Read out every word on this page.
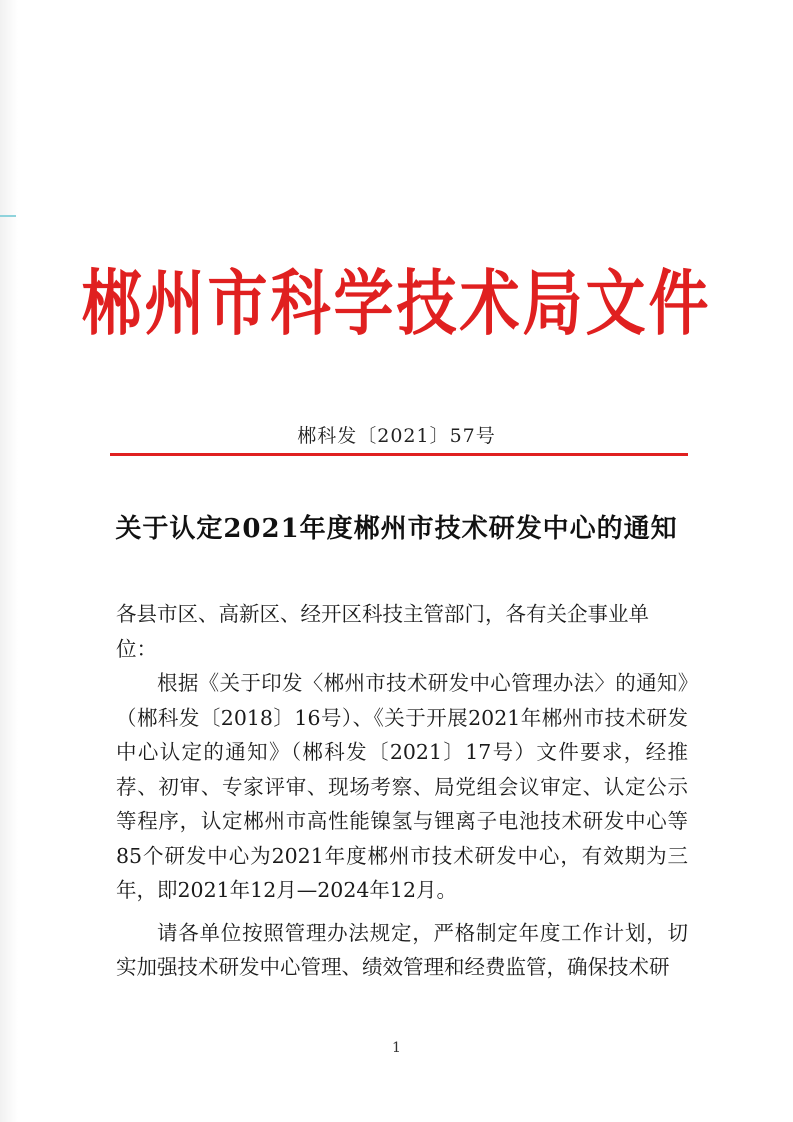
郴州市科学技术局文件
郴科发〔2021〕57号
关于认定2021年度郴州市技术研发中心的通知

各县市区、高新区、经开区科技主管部门，各有关企事业单位：

根据《关于印发〈郴州市技术研发中心管理办法〉的通知》（郴科发〔2018〕16号）、《关于开展2021年郴州市技术研发中心认定的通知》（郴科发〔2021〕17号）文件要求，经推荐、初审、专家评审、现场考察、局党组会议审定、认定公示等程序，认定郴州市高性能镍氢与锂离子电池技术研发中心等85个研发中心为2021年度郴州市技术研发中心，有效期为三年，即2021年12月—2024年12月。

请各单位按照管理办法规定，严格制定年度工作计划，切实加强技术研发中心管理、绩效管理和经费监管，确保技术研

1
